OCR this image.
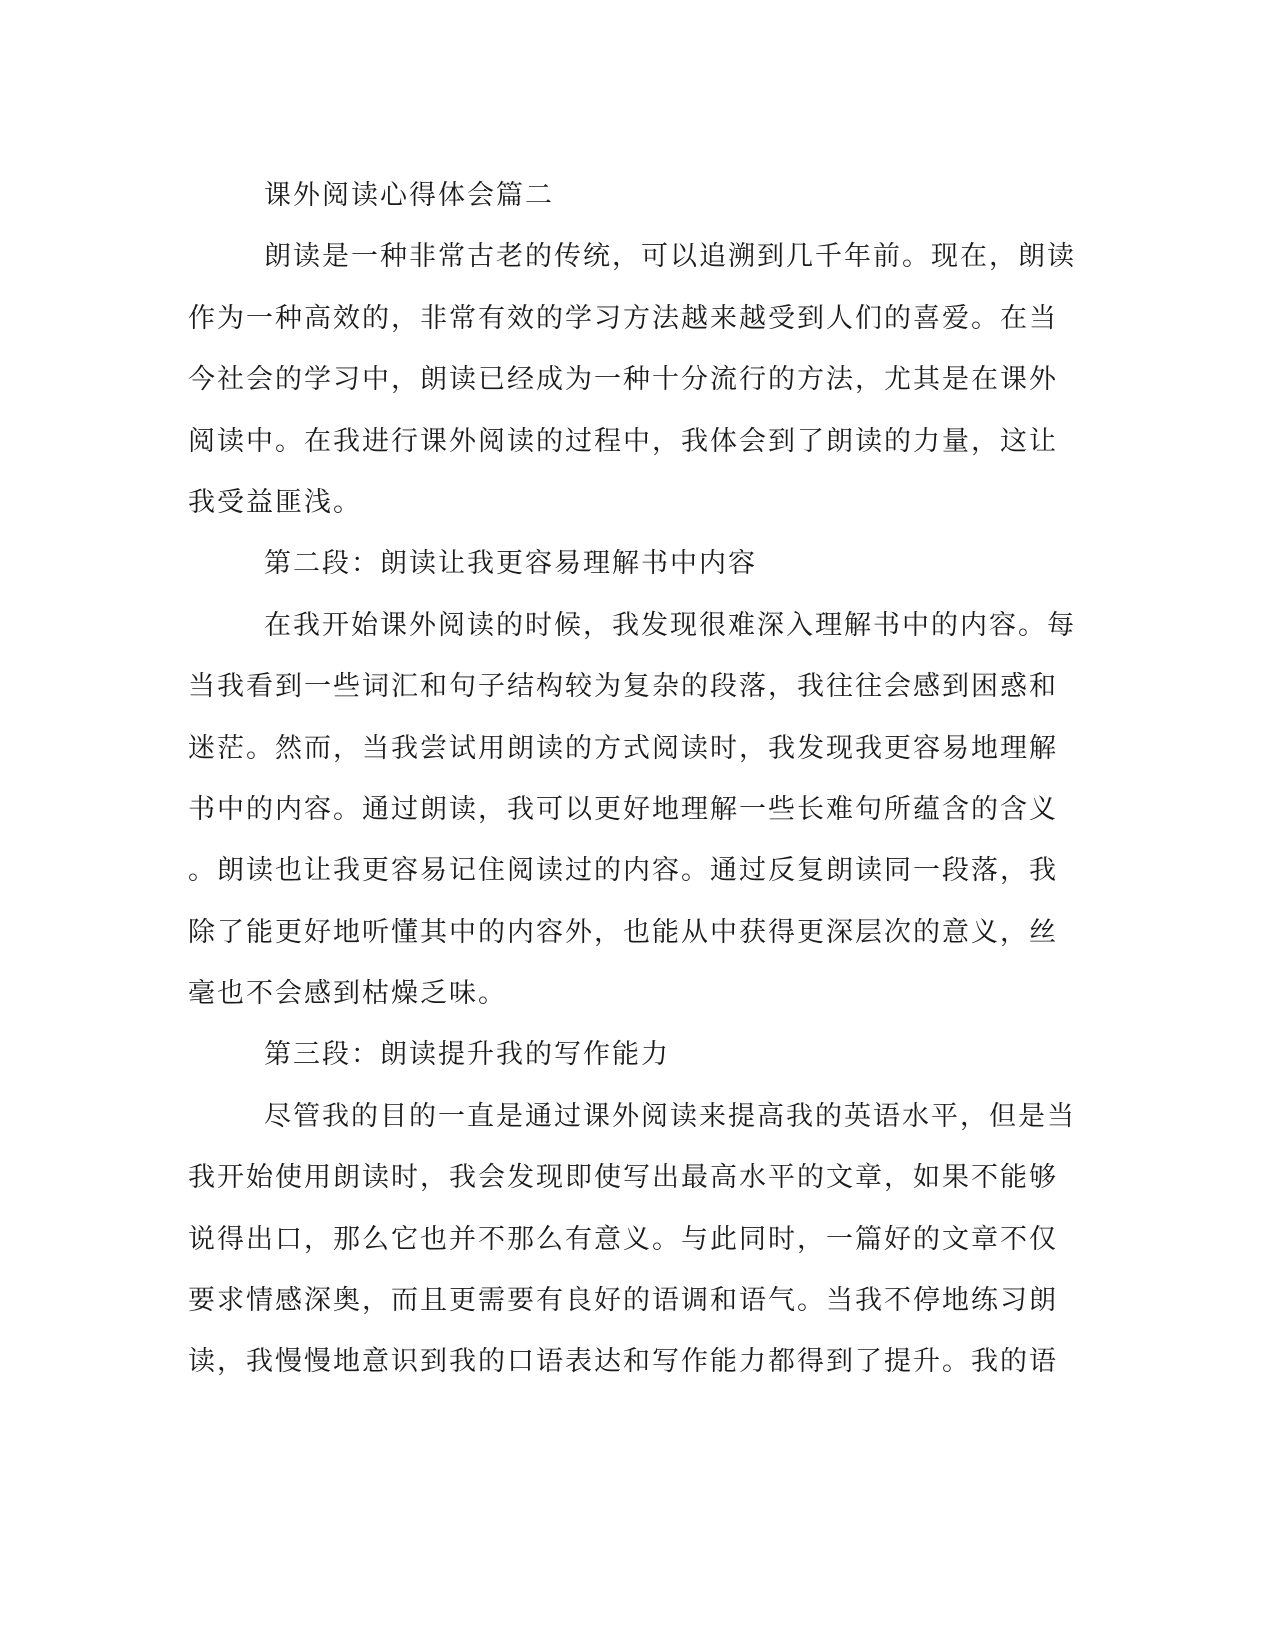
课外阅读心得体会篇二
朗读是一种非常古老的传统，可以追溯到几千年前。现在，朗读
作为一种高效的，非常有效的学习方法越来越受到人们的喜爱。在当
今社会的学习中，朗读已经成为一种十分流行的方法，尤其是在课外
阅读中。在我进行课外阅读的过程中，我体会到了朗读的力量，这让
我受益匪浅。
第二段：朗读让我更容易理解书中内容
在我开始课外阅读的时候，我发现很难深入理解书中的内容。每
当我看到一些词汇和句子结构较为复杂的段落，我往往会感到困惑和
迷茫。然而，当我尝试用朗读的方式阅读时，我发现我更容易地理解
书中的内容。通过朗读，我可以更好地理解一些长难句所蕴含的含义
。朗读也让我更容易记住阅读过的内容。通过反复朗读同一段落，我
除了能更好地听懂其中的内容外，也能从中获得更深层次的意义，丝
毫也不会感到枯燥乏味。
第三段：朗读提升我的写作能力
尽管我的目的一直是通过课外阅读来提高我的英语水平，但是当
我开始使用朗读时，我会发现即使写出最高水平的文章，如果不能够
说得出口，那么它也并不那么有意义。与此同时，一篇好的文章不仅
要求情感深奥，而且更需要有良好的语调和语气。当我不停地练习朗
读，我慢慢地意识到我的口语表达和写作能力都得到了提升。我的语
